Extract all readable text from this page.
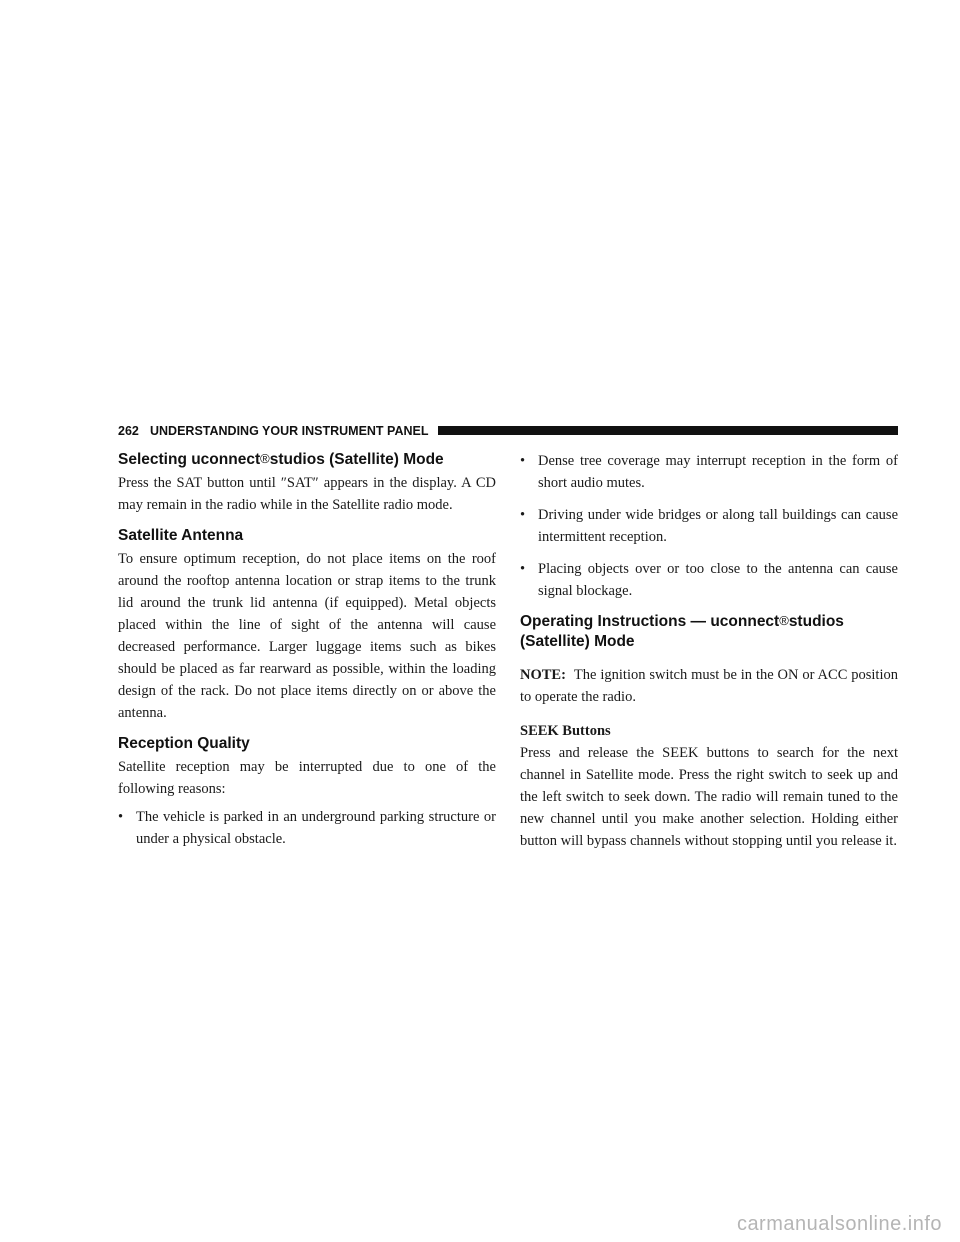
262 UNDERSTANDING YOUR INSTRUMENT PANEL
Selecting uconnect®studios (Satellite) Mode

Press the SAT button until ″SAT″ appears in the display. A CD may remain in the radio while in the Satellite radio mode.

Satellite Antenna

To ensure optimum reception, do not place items on the roof around the rooftop antenna location or strap items to the trunk lid around the trunk lid antenna (if equipped). Metal objects placed within the line of sight of the antenna will cause decreased performance. Larger luggage items such as bikes should be placed as far rearward as possible, within the loading design of the rack. Do not place items directly on or above the antenna.

Reception Quality

Satellite reception may be interrupted due to one of the following reasons:

• The vehicle is parked in an underground parking structure or under a physical obstacle.
• Dense tree coverage may interrupt reception in the form of short audio mutes.
• Driving under wide bridges or along tall buildings can cause intermittent reception.
• Placing objects over or too close to the antenna can cause signal blockage.
Operating Instructions — uconnect®studios (Satellite) Mode

NOTE: The ignition switch must be in the ON or ACC position to operate the radio.

SEEK Buttons

Press and release the SEEK buttons to search for the next channel in Satellite mode. Press the right switch to seek up and the left switch to seek down. The radio will remain tuned to the new channel until you make another selection. Holding either button will bypass channels without stopping until you release it.

carmanualsonline.info
